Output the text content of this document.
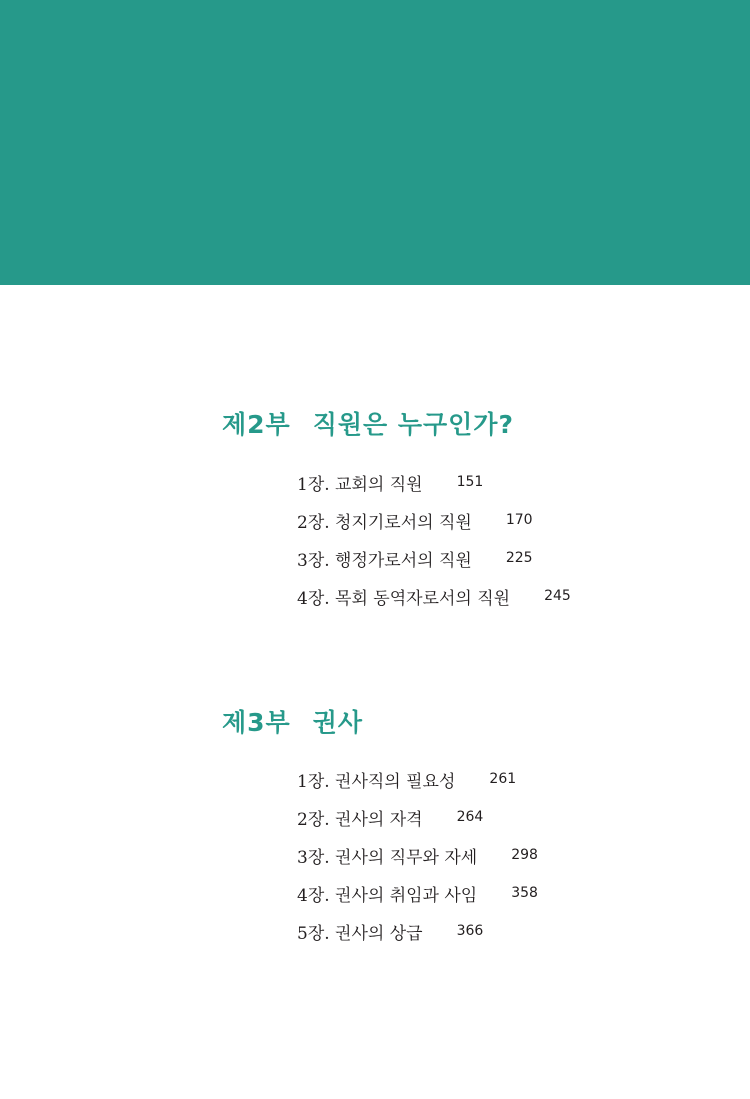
제2부 직원은 누구인가?
1장. 교회의 직원 151
2장. 청지기로서의 직원 170
3장. 행정가로서의 직원 225
4장. 목회 동역자로서의 직원 245
제3부 권사
1장. 권사직의 필요성 261
2장. 권사의 자격 264
3장. 권사의 직무와 자세 298
4장. 권사의 취임과 사임 358
5장. 권사의 상급 366
